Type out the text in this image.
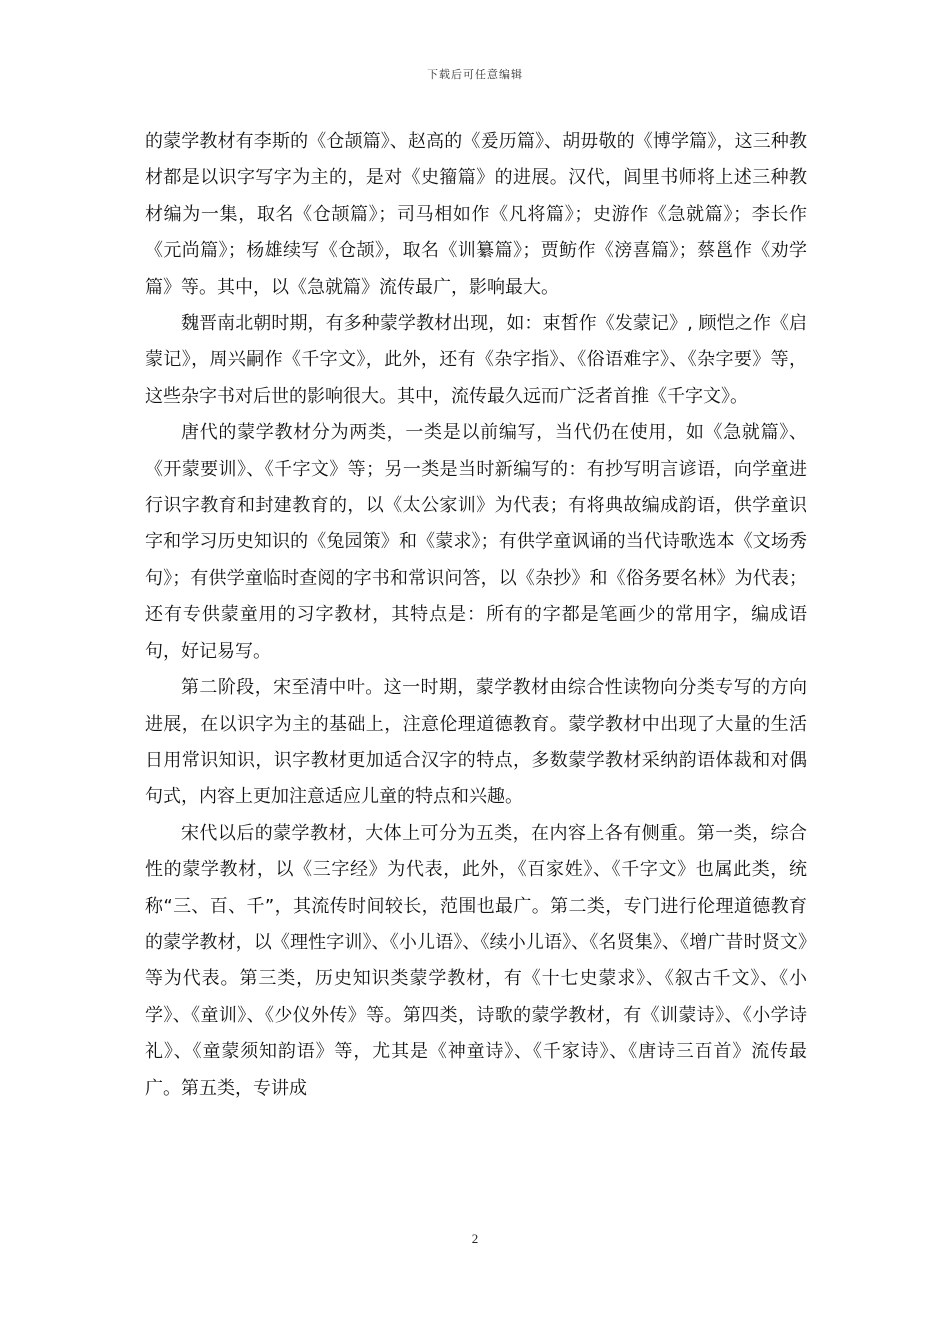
下载后可任意编辑

的蒙学教材有李斯的《仓颉篇》、赵高的《爰历篇》、胡毋敬的《博学篇》，这三种教材都是以识字写字为主的，是对《史籀篇》的进展。汉代，闾里书师将上述三种教材编为一集，取名《仓颉篇》；司马相如作《凡将篇》；史游作《急就篇》；李长作《元尚篇》；杨雄续写《仓颉》，取名《训纂篇》；贾鲂作《滂喜篇》；蔡邕作《劝学篇》等。其中，以《急就篇》流传最广，影响最大。

魏晋南北朝时期，有多种蒙学教材出现，如：束皙作《发蒙记》, 顾恺之作《启蒙记》，周兴嗣作《千字文》，此外，还有《杂字指》、《俗语难字》、《杂字要》等，这些杂字书对后世的影响很大。其中，流传最久远而广泛者首推《千字文》。

唐代的蒙学教材分为两类，一类是以前编写，当代仍在使用，如《急就篇》、《开蒙要训》、《千字文》等；另一类是当时新编写的：有抄写明言谚语，向学童进行识字教育和封建教育的，以《太公家训》为代表；有将典故编成韵语，供学童识字和学习历史知识的《兔园策》和《蒙求》；有供学童讽诵的当代诗歌选本《文场秀句》；有供学童临时查阅的字书和常识问答，以《杂抄》和《俗务要名林》为代表；还有专供蒙童用的习字教材，其特点是：所有的字都是笔画少的常用字，编成语句，好记易写。

第二阶段，宋至清中叶。这一时期，蒙学教材由综合性读物向分类专写的方向进展，在以识字为主的基础上，注意伦理道德教育。蒙学教材中出现了大量的生活日用常识知识，识字教材更加适合汉字的特点，多数蒙学教材采纳韵语体裁和对偶句式，内容上更加注意适应儿童的特点和兴趣。

宋代以后的蒙学教材，大体上可分为五类，在内容上各有侧重。第一类，综合性的蒙学教材，以《三字经》为代表，此外，《百家姓》、《千字文》也属此类，统称“三、百、千”，其流传时间较长，范围也最广。第二类，专门进行伦理道德教育的蒙学教材，以《理性字训》、《小儿语》、《续小儿语》、《名贤集》、《增广昔时贤文》等为代表。第三类，历史知识类蒙学教材，有《十七史蒙求》、《叙古千文》、《小学》、《童训》、《少仪外传》等。第四类，诗歌的蒙学教材，有《训蒙诗》、《小学诗礼》、《童蒙须知韵语》等，尤其是《神童诗》、《千家诗》、《唐诗三百首》流传最广。第五类，专讲成

2
